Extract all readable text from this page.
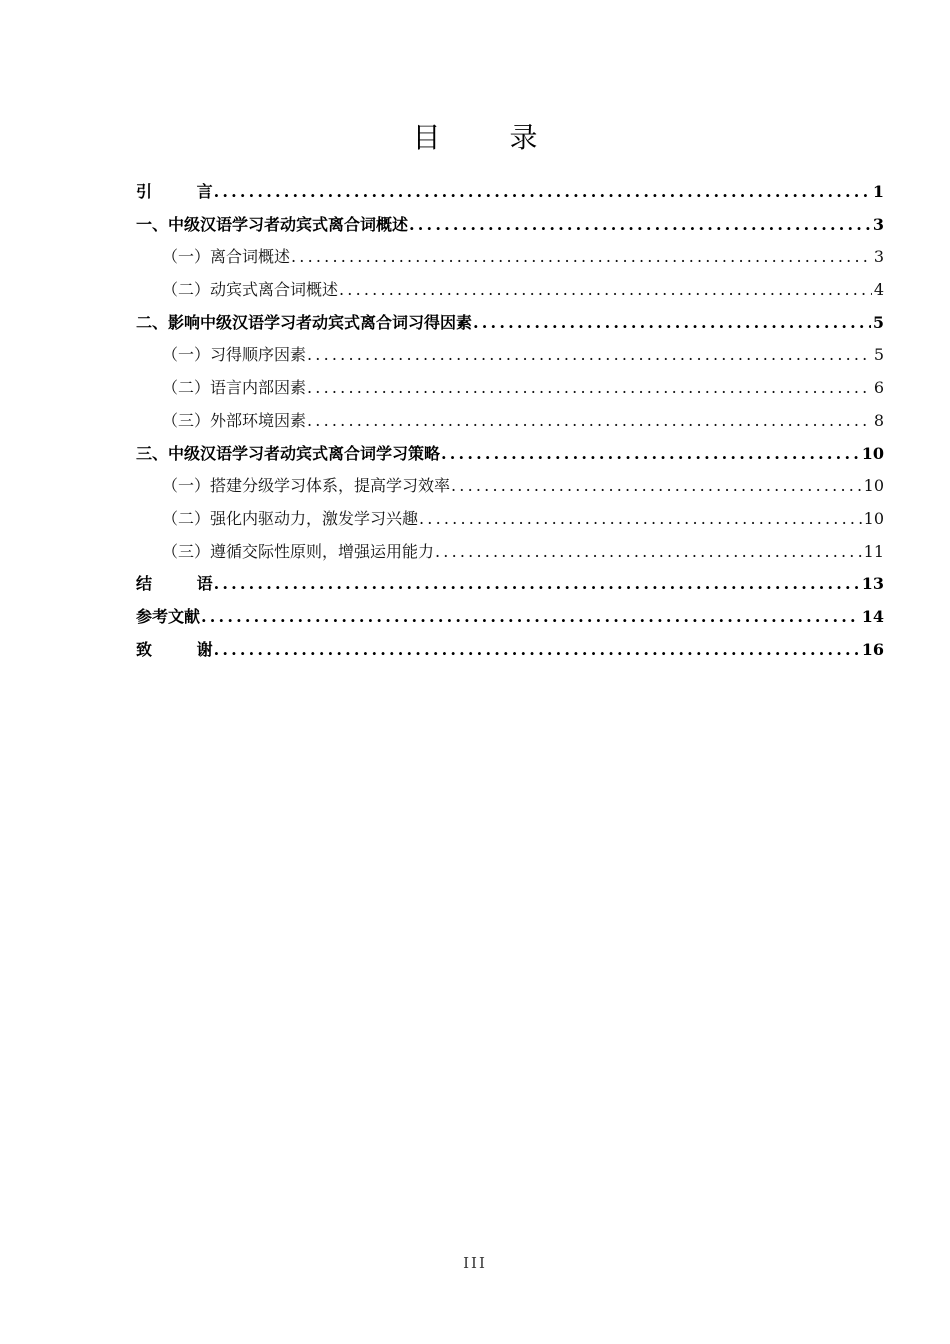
目 录
引        言 .....	1
一、中级汉语学习者动宾式离合词概述 .....	3
（一）离合词概述 .....	3
（二）动宾式离合词概述 .....	4
二、影响中级汉语学习者动宾式离合词习得因素 .....	5
（一）习得顺序因素 .....	5
（二）语言内部因素 .....	6
（三）外部环境因素 .....	8
三、中级汉语学习者动宾式离合词学习策略 .....	10
（一）搭建分级学习体系，提高学习效率 .....	10
（二）强化内驱动力，激发学习兴趣 .....	10
（三）遵循交际性原则，增强运用能力 .....	11
结        语 .....	13
参考文献 .....	14
致        谢 .....	16
III
